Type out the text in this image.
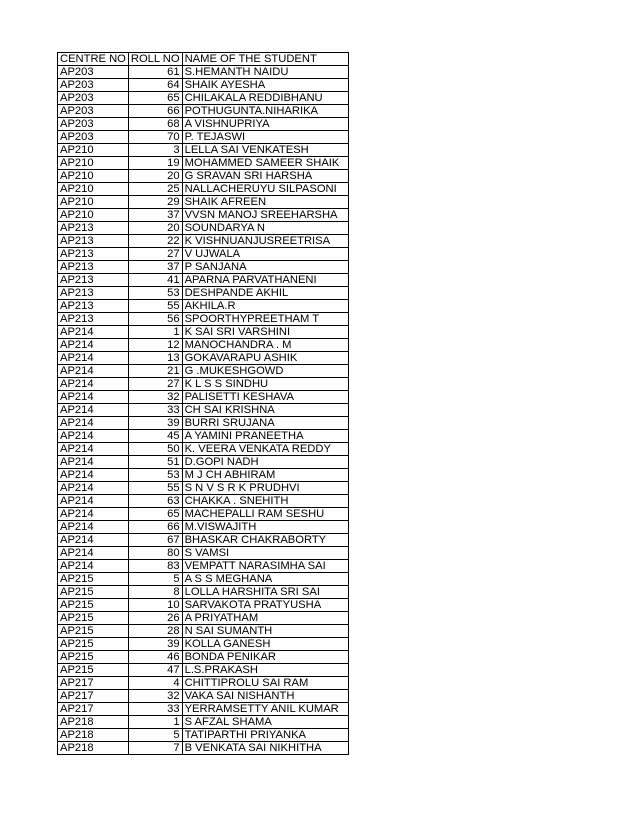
CENTRE NO	ROLL NO	NAME OF THE STUDENT
AP203	61	S.HEMANTH NAIDU
AP203	64	SHAIK AYESHA
AP203	65	CHILAKALA REDDIBHANU
AP203	66	POTHUGUNTA.NIHARIKA
AP203	68	A VISHNUPRIYA
AP203	70	P. TEJASWI
AP210	3	LELLA SAI VENKATESH
AP210	19	MOHAMMED SAMEER SHAIK
AP210	20	G SRAVAN SRI HARSHA
AP210	25	NALLACHERUYU SILPASONI
AP210	29	SHAIK AFREEN
AP210	37	VVSN MANOJ SREEHARSHA
AP213	20	SOUNDARYA N
AP213	22	K VISHNUANJUSREETRISA
AP213	27	V UJWALA
AP213	37	P SANJANA
AP213	41	APARNA PARVATHANENI
AP213	53	DESHPANDE AKHIL
AP213	55	AKHILA.R
AP213	56	SPOORTHYPREETHAM T
AP214	1	K SAI SRI VARSHINI
AP214	12	MANOCHANDRA . M
AP214	13	GOKAVARAPU ASHIK
AP214	21	G .MUKESHGOWD
AP214	27	K L S S SINDHU
AP214	32	PALISETTI KESHAVA
AP214	33	CH SAI KRISHNA
AP214	39	BURRI SRUJANA
AP214	45	A YAMINI PRANEETHA
AP214	50	K. VEERA VENKATA REDDY
AP214	51	D.GOPI NADH
AP214	53	M J CH ABHIRAM
AP214	55	S N V S R K PRUDHVI
AP214	63	CHAKKA . SNEHITH
AP214	65	MACHEPALLI RAM SESHU
AP214	66	M.VISWAJITH
AP214	67	BHASKAR CHAKRABORTY
AP214	80	S VAMSI
AP214	83	VEMPATT NARASIMHA SAI
AP215	5	A S S MEGHANA
AP215	8	LOLLA HARSHITA SRI SAI
AP215	10	SARVAKOTA PRATYUSHA
AP215	26	A PRIYATHAM
AP215	28	N SAI SUMANTH
AP215	39	KOLLA GANESH
AP215	46	BONDA PENIKAR
AP215	47	L.S.PRAKASH
AP217	4	CHITTIPROLU SAI RAM
AP217	32	VAKA SAI NISHANTH
AP217	33	YERRAMSETTY ANIL KUMAR
AP218	1	S AFZAL SHAMA
AP218	5	TATIPARTHI PRIYANKA
AP218	7	B VENKATA SAI NIKHITHA
